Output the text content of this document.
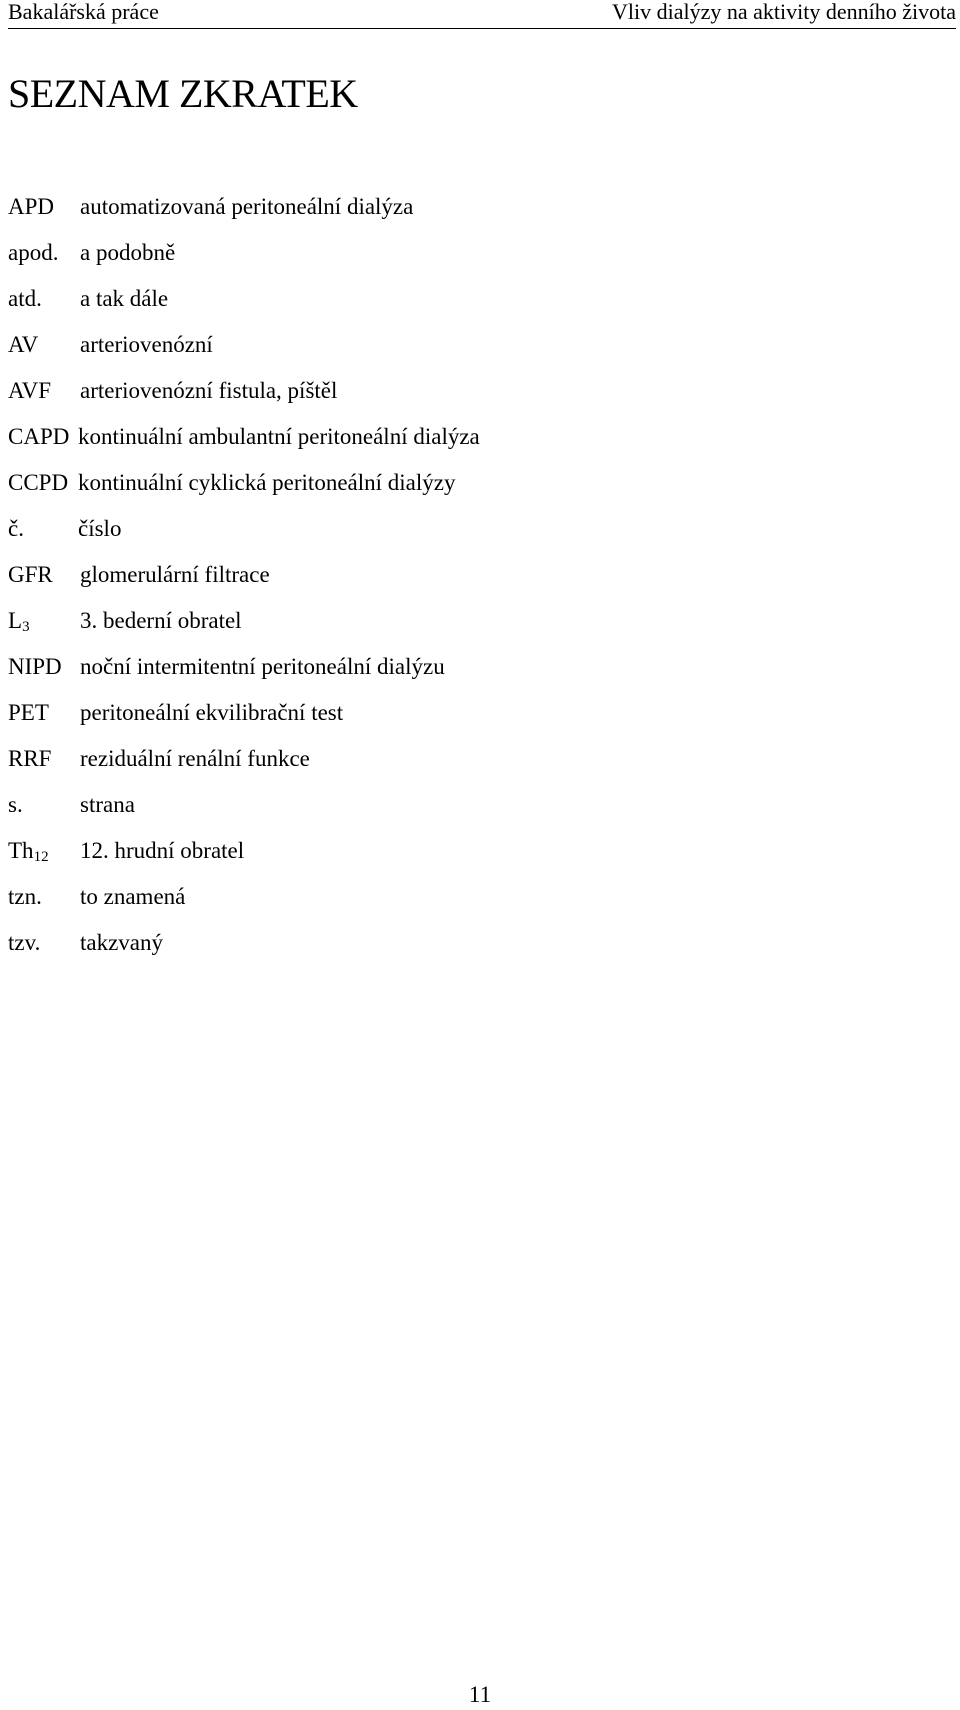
Bakalářská práce	Vliv dialýzy na aktivity denního života
SEZNAM ZKRATEK
APD automatizovaná peritoneální dialýza
apod. a podobně
atd. a tak dále
AV arteriovenózní
AVF arteriovenózní fistula, píštěl
CAPD kontinuální ambulantní peritoneální dialýza
CCPD kontinuální cyklická peritoneální dialýzy
č. číslo
GFR glomerulární filtrace
$L_3$ 3. bederní obratel
NIPD noční intermitentní peritoneální dialýzu
PET peritoneální ekvilibrační test
RRF reziduální renální funkce
s. strana
$Th_{12}$ 12. hrudní obratel
tzn. to znamená
tzv. takzvaný
11
